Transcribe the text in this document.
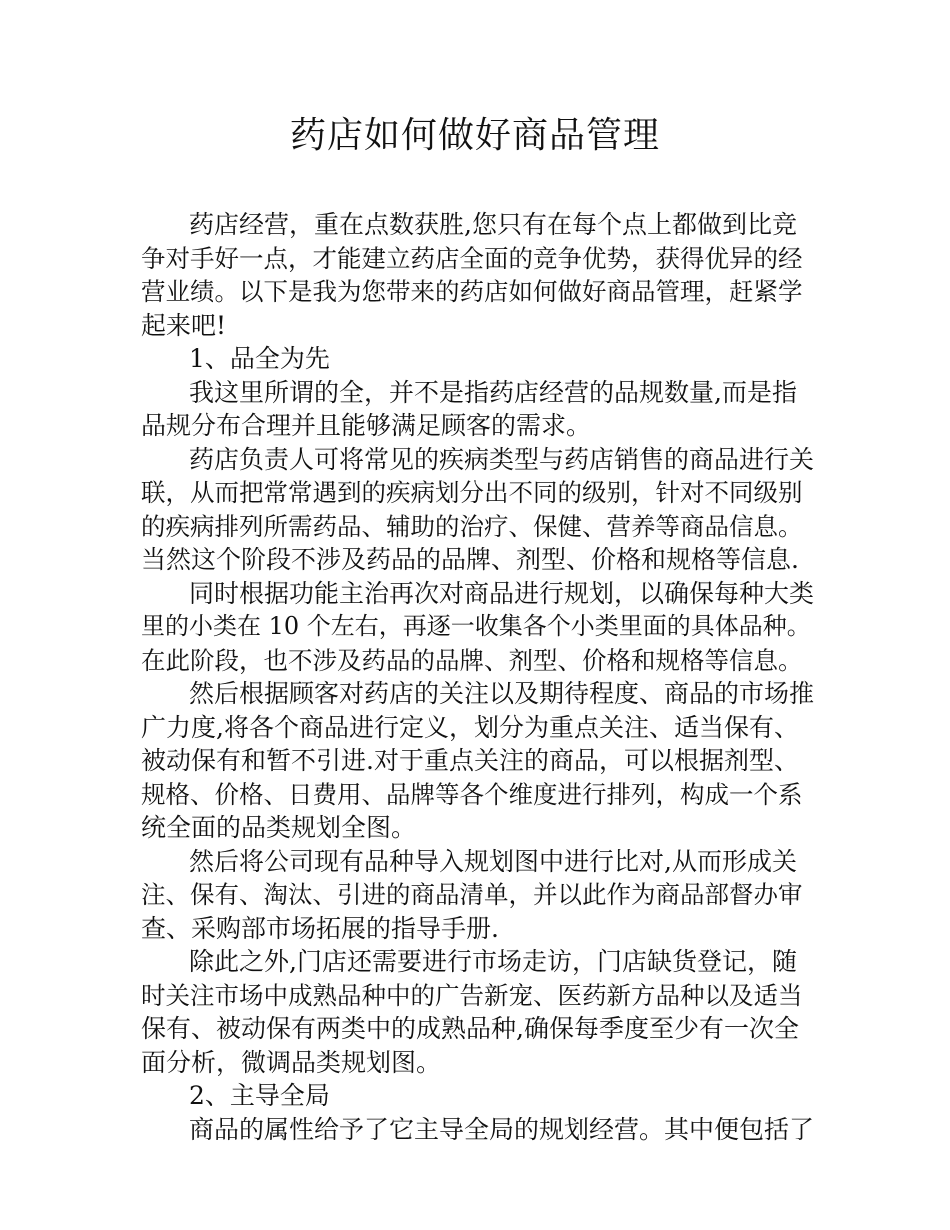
药店如何做好商品管理
药店经营，重在点数获胜,您只有在每个点上都做到比竞
争对手好一点，才能建立药店全面的竞争优势，获得优异的经
营业绩。以下是我为您带来的药店如何做好商品管理，赶紧学
起来吧!
1、品全为先
我这里所谓的全，并不是指药店经营的品规数量,而是指
品规分布合理并且能够满足顾客的需求。
药店负责人可将常见的疾病类型与药店销售的商品进行关
联，从而把常常遇到的疾病划分出不同的级别，针对不同级别
的疾病排列所需药品、辅助的治疗、保健、营养等商品信息。
当然这个阶段不涉及药品的品牌、剂型、价格和规格等信息.
同时根据功能主治再次对商品进行规划，以确保每种大类
里的小类在 10 个左右，再逐一收集各个小类里面的具体品种。
在此阶段，也不涉及药品的品牌、剂型、价格和规格等信息。
然后根据顾客对药店的关注以及期待程度、商品的市场推
广力度,将各个商品进行定义，划分为重点关注、适当保有、
被动保有和暂不引进.对于重点关注的商品，可以根据剂型、
规格、价格、日费用、品牌等各个维度进行排列，构成一个系
统全面的品类规划全图。
然后将公司现有品种导入规划图中进行比对,从而形成关
注、保有、淘汰、引进的商品清单，并以此作为商品部督办审
查、采购部市场拓展的指导手册.
除此之外,门店还需要进行市场走访，门店缺货登记，随
时关注市场中成熟品种中的广告新宠、医药新方品种以及适当
保有、被动保有两类中的成熟品种,确保每季度至少有一次全
面分析，微调品类规划图。
2、主导全局
商品的属性给予了它主导全局的规划经营。其中便包括了
